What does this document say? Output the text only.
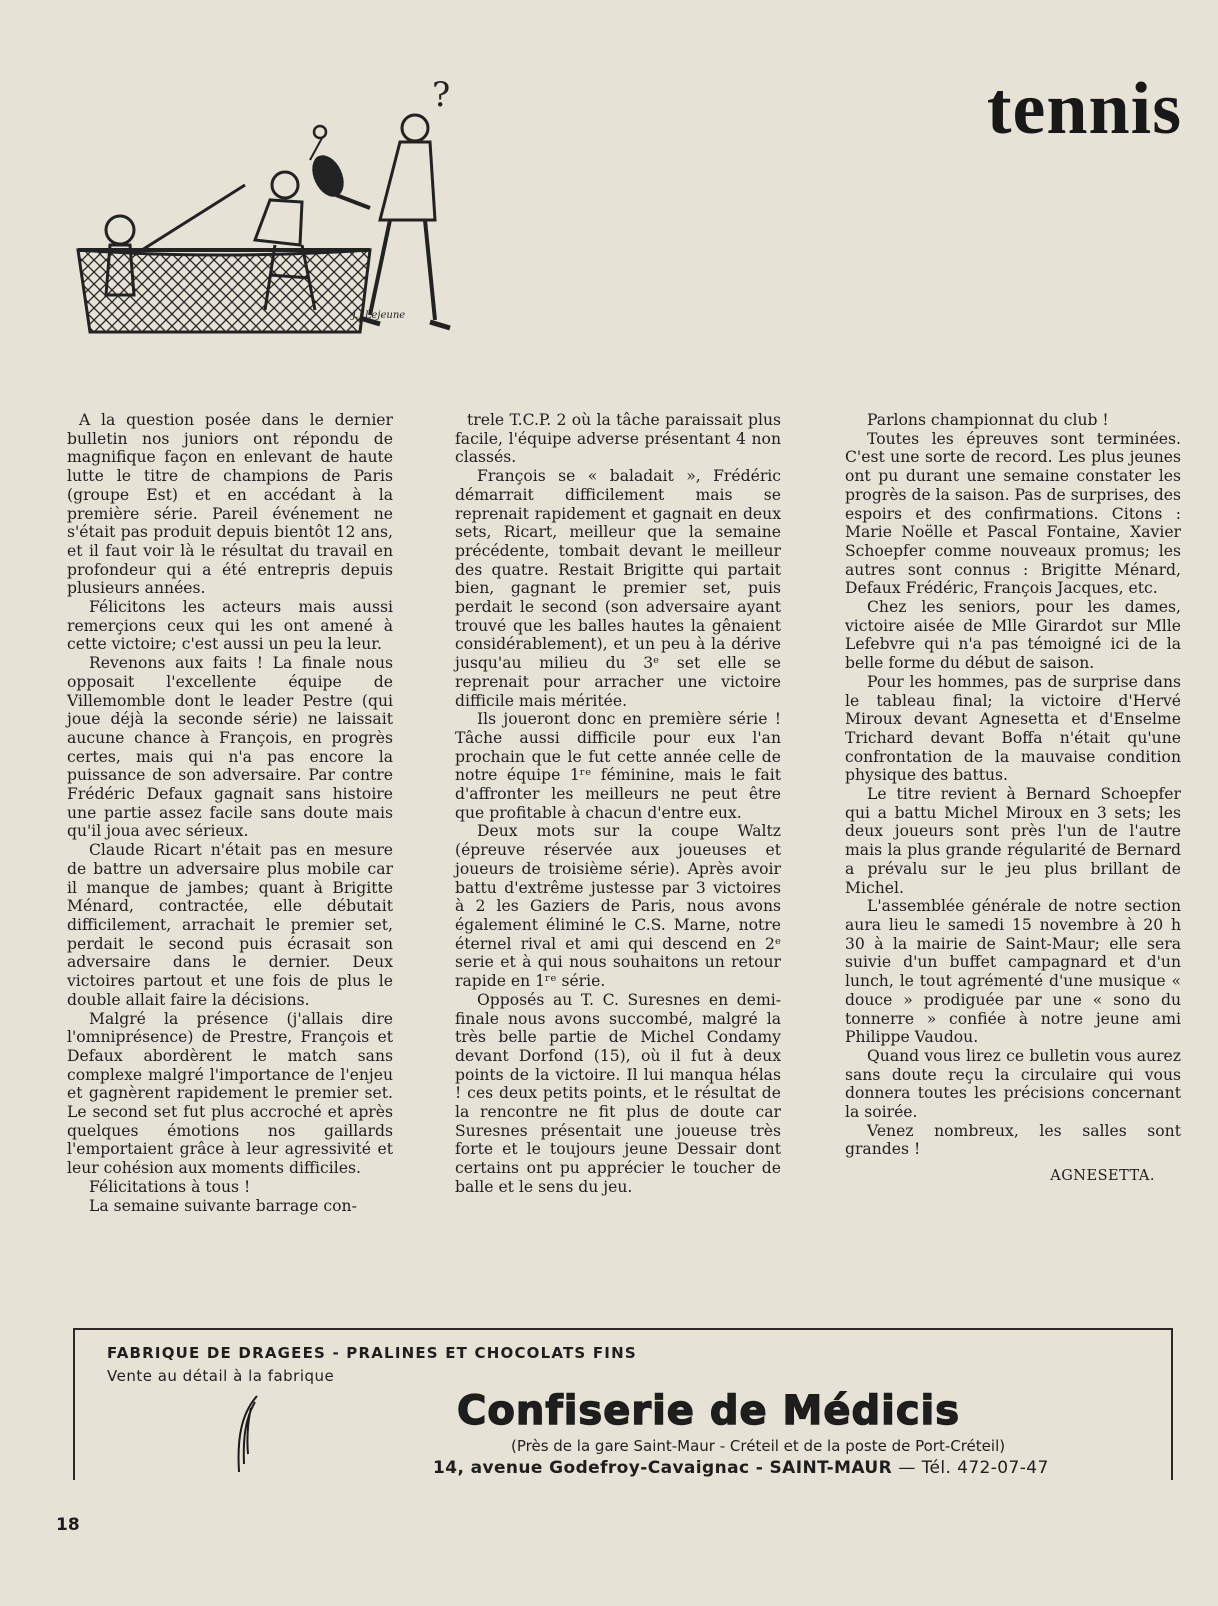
tennis
?
J.J.Lejeune

A la question posée dans le dernier bulletin nos juniors ont répondu de magnifique façon en enlevant de haute lutte le titre de champions de Paris (groupe Est) et en accédant à la première série. Pareil événement ne s'était pas produit depuis bientôt 12 ans, et il faut voir là le résultat du travail en profondeur qui a été entrepris depuis plusieurs années.

Félicitons les acteurs mais aussi remerçions ceux qui les ont amené à cette victoire; c'est aussi un peu la leur.

Revenons aux faits ! La finale nous opposait l'excellente équipe de Villemomble dont le leader Pestre (qui joue déjà la seconde série) ne laissait aucune chance à François, en progrès certes, mais qui n'a pas encore la puissance de son adversaire. Par contre Frédéric Defaux gagnait sans histoire une partie assez facile sans doute mais qu'il joua avec sérieux.

Claude Ricart n'était pas en mesure de battre un adversaire plus mobile car il manque de jambes; quant à Brigitte Ménard, contractée, elle débutait difficilement, arrachait le premier set, perdait le second puis écrasait son adversaire dans le dernier. Deux victoires partout et une fois de plus le double allait faire la décisions.

Malgré la présence (j'allais dire l'omniprésence) de Prestre, François et Defaux abordèrent le match sans complexe malgré l'importance de l'enjeu et gagnèrent rapidement le premier set. Le second set fut plus accroché et après quelques émotions nos gaillards l'emportaient grâce à leur agressivité et leur cohésion aux moments difficiles.

Félicitations à tous !

La semaine suivante barrage con-

trele T.C.P. 2 où la tâche paraissait plus facile, l'équipe adverse présentant 4 non classés.

François se « baladait », Frédéric démarrait difficilement mais se reprenait rapidement et gagnait en deux sets, Ricart, meilleur que la semaine précédente, tombait devant le meilleur des quatre. Restait Brigitte qui partait bien, gagnant le premier set, puis perdait le second (son adversaire ayant trouvé que les balles hautes la gênaient considérablement), et un peu à la dérive jusqu'au milieu du 3ᵉ set elle se reprenait pour arracher une victoire difficile mais méritée.

Ils joueront donc en première série ! Tâche aussi difficile pour eux l'an prochain que le fut cette année celle de notre équipe 1ʳᵉ féminine, mais le fait d'affronter les meilleurs ne peut être que profitable à chacun d'entre eux.

Deux mots sur la coupe Waltz (épreuve réservée aux joueuses et joueurs de troisième série). Après avoir battu d'extrême justesse par 3 victoires à 2 les Gaziers de Paris, nous avons également éliminé le C.S. Marne, notre éternel rival et ami qui descend en 2ᵉ serie et à qui nous souhaitons un retour rapide en 1ʳᵉ série.

Opposés au T. C. Suresnes en demi-finale nous avons succombé, malgré la très belle partie de Michel Condamy devant Dorfond (15), où il fut à deux points de la victoire. Il lui manqua hélas ! ces deux petits points, et le résultat de la rencontre ne fit plus de doute car Suresnes présentait une joueuse très forte et le toujours jeune Dessair dont certains ont pu apprécier le toucher de balle et le sens du jeu.

Parlons championnat du club !

Toutes les épreuves sont terminées. C'est une sorte de record. Les plus jeunes ont pu durant une semaine constater les progrès de la saison. Pas de surprises, des espoirs et des confirmations. Citons : Marie Noëlle et Pascal Fontaine, Xavier Schoepfer comme nouveaux promus; les autres sont connus : Brigitte Ménard, Defaux Frédéric, François Jacques, etc.

Chez les seniors, pour les dames, victoire aisée de Mlle Girardot sur Mlle Lefebvre qui n'a pas témoigné ici de la belle forme du début de saison.

Pour les hommes, pas de surprise dans le tableau final; la victoire d'Hervé Miroux devant Agnesetta et d'Enselme Trichard devant Boffa n'était qu'une confrontation de la mauvaise condition physique des battus.

Le titre revient à Bernard Schoepfer qui a battu Michel Miroux en 3 sets; les deux joueurs sont près l'un de l'autre mais la plus grande régularité de Bernard a prévalu sur le jeu plus brillant de Michel.

L'assemblée générale de notre section aura lieu le samedi 15 novembre à 20 h 30 à la mairie de Saint-Maur; elle sera suivie d'un buffet campagnard et d'un lunch, le tout agrémenté d'une musique « douce » prodiguée par une « sono du tonnerre » confiée à notre jeune ami Philippe Vaudou.

Quand vous lirez ce bulletin vous aurez sans doute reçu la circulaire qui vous donnera toutes les précisions concernant la soirée.

Venez nombreux, les salles sont grandes !

AGNESETTA.

FABRIQUE DE DRAGEES - PRALINES ET CHOCOLATS FINS
Vente au détail à la fabrique
Confiserie de Médicis
(Près de la gare Saint-Maur - Créteil et de la poste de Port-Créteil)
14, avenue Godefroy-Cavaignac - SAINT-MAUR — Tél. 472-07-47
18
